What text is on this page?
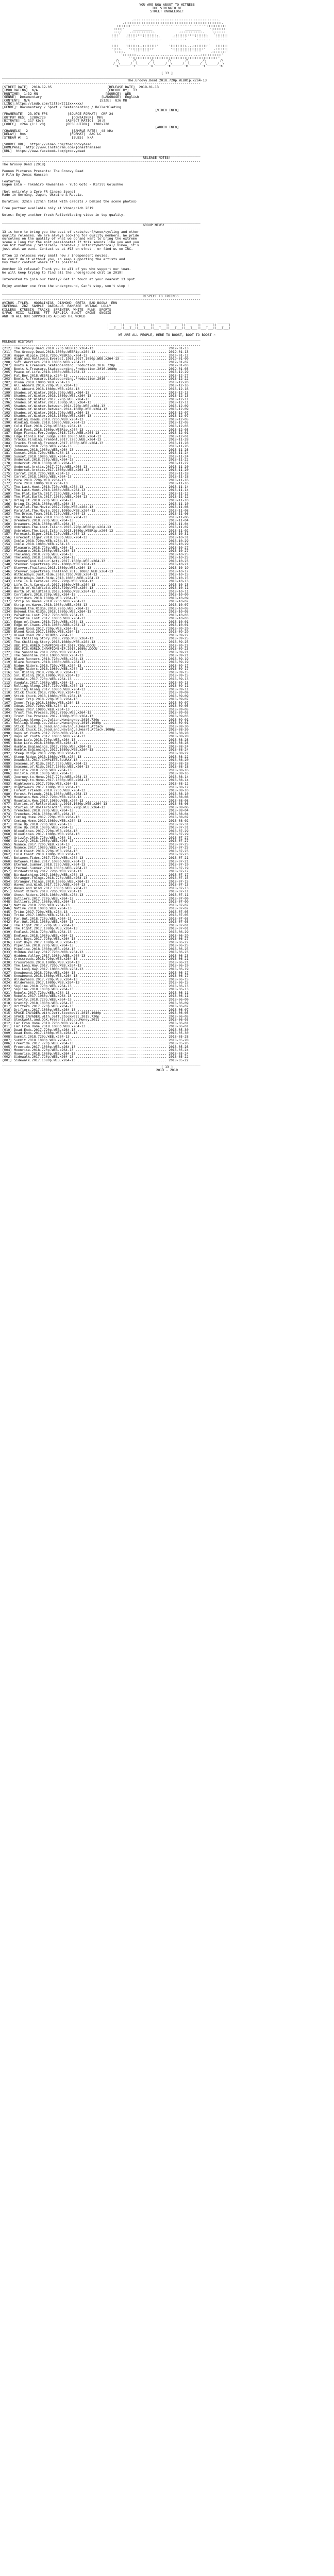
YOU ARE NOW ABOUT TO WITNESS
THE STRENGTH OF
STREET KNOWLEDGE!

.:::::::::::::::::::::::::::::::::::::::::::::::::.
.::::::::::::::::::::::::::::::::::::::::::::::::::::::::.
::::::::'''''''''''''''''''''''''''''''''''''''''''':::::::::::
:::::'     ___________                   _________     ':::::::::
::::'    .:::::::::::::.             .:::::::::::::.    '::::::::
::::'    :::::::::::::::::.         .::::::::::::::::::.   ':::::::
::::    ::::::'   ':::::::::       ::::::::'    ':::::::    :::::::
::::    :::::'      :::::::::     ::::::::'      ':::::::   :::::::
::::    :::::.      ::::::::     ::::::::.       .:::::::   :::::::
::::    ':::::::..::::::::'      ':::::::::....::::::::'    :::::::
'::::.    ':::::::::::::'         '::::::::::::::::::'     .:::::::
':::::.     '''''''''              ''''''''''''''''     .::::::::'
'::::::::.....................................::::::::::::'
'':::::::::::::::::::::::::::::::::::::::::::::::::''
/\        /\        /\        /\        /\        /\        /\
/__\______/__\______/__\______/__\______/__\______/__\______/__\
S         T         R         E         E         T         K

[ 13 ]
____________________________________________________________________________________________________

The.Groovy.Dead.2018.720p.WEBRip.x264-13
----------------------------------------------------------------------------------------------------
[STREET DATE] 2018-12-05	[RELEASE DATE] 2019-01-13
[IMDB RATING] N/A	[ENCODE BY] 13
[RUNTIME] 1:32 MN	[SOURCE] WEB
[GENRE] Documentary	[LANGUAGE] English
[CONTENT] N/A	[SIZE] 826 MB
[LINK]:https://imdb.com/title/tt13xxxxxx/
[GENRE]: Documentary / Sport / Skateboarding / Rollerblading

[VIDEO_INFO]
[FRAMERATE] 23.976 FPS	[SOURCE FORMAT] CRF 24
[OUTPUT RES] 1280x720	[CONTAINER] MKV
[BITRATE] 1 117 kb/s	[ASPECT RATIO] 16:9
[CODEC] x264 (1:1 v0)	[RESOLUTION] 1280x720

[AUDIO_INFO]
[CHANNELS] 2	[SAMPLE RATE] 48 kHz
[DELAY] 0ms	[FORMAT] AAC LC
[STREAM #] 1	[SUBS] N/A

[SOURCE URL] https://vimeo.com/thegroovydead
[HOMEPAGE] http://www.instagram.com/jonasthanssen
[URL] https://www.facebook.com/groovydead
____________________________________________________________________________________________________
RELEASE NOTES!
----------------------------------------------------------------------------------------------------

The Groovy Dead (2018)

Pennon Pictures Presents: The Groovy Dead
A Film By Jonas Hanssen

Featuring
Eugen Enin - Takahiro Nawashima - Yuto Goto - Kirill Golushko

[Not entirely a Zero FR Cinema Scene]
Made in Germany, Japan, Ukraine & Russia.

Duration: 32min (27min total with credits / behind the scene photos)

Free partner available only at Vimeo/rich 2019

Notes: Enjoy another fresh Rollerblading video in top quality.

____________________________________________________________________________________________________
GROUP NEWS!
----------------------------------------------------------------------------------------------------

13 is here to bring you the best of skate/surf/snow/cycling and other
quality releases. We are always looking for quality members. We pride
ourselves on the quality of what we do and want to bring the extreme
scene a long for the most passionate! If this sounds like you and you
can hit Youtube / SkinTrain/ Pinkbike / Infinitymetrical/ Vimeo, it's
just what we want. Contact us at #13 on efnet - or find us on IRC.

Often 13 releases very small new / independent movies.
We can't do it without you, so keep supporting the artists and
buy their content where it is possible.

Another 13 release? Thank you to all of you who support our team.
We will keep trying to find all the underground chit in 2019!

Interested to join our family? Get in touch at your nearest 13 spot.

Enjoy another one from the underground, Can't stop, won't stop !

____________________________________________________________________________________________________
RESPECT TO FRIENDS
----------------------------------------------------------------------------------------------------

#VIRUS -TYLER-  HOOBLINIGS  DIAMOND  GRETA  BAD BOONA  ERN
INFERNAL  ZBZ  SAMPLE  DAEDALUS  RAMPAGE  WUTANG  LOLLY
KILLERS  KTRESIN  TRACKS  SPRINTER  WHITE  PUNK  SPORTS
Q/FAK  MIXX  ALIENS  FTT  REPLICA  BUNDT  CRONE  GNOSIS
AND TO ALL OUR SUPPORTERS AROUND THE WORLD

_______  ______  _______  _______  _______  _______  _______  _______
|   _   ||   _  ||   _   ||   _   ||   _   ||   _   ||   _   ||   _   |
|___|___||___|__||___|___||___|___||___|___||___|___||___|___||___|___|

WE ARE ALL PEOPLE, HERE TO BOOST, BOOT TO BOOST ~
____________________________________________________________________________________________________
RELEASE HISTORY!
----------------------------------------------------------------------------------------------------

(212) The.Groovy.Dead.2018.720p.WEBRip.x264-13 .................................... 2019-01-13
(211) The.Groovy.Dead.2018.1080p.WEBRip.x264-13 ................................... 2019-01-13
(210) Happy.Hippie.2018.720p.WEBRip.x264-13 ....................................... 2019-01-12
(209) High.and.Hollowed.Everest.1963.2017.1080p.WEB.x264-13 ....................... 2019-01-09
(208) Sufi.Warriors.2018.1080p.WEB.x264-13 ........................................ 2019-01-07
(207) Boots.A.Treasure.Skateboarding.Production.2016.720p ......................... 2019-01-03
(206) Boots.A.Treasure.Skateboarding.Production.2016.1080p ........................ 2019-01-03
(205) Peace.of.Life.2018.1080p.WEB.x264-13 ........................................ 2018-12-29
(204) Fat.Boy.2018.WEBRip.x264-13 ................................................. 2018-12-27
(203) Boots.A.Treasure.Skateboarding.Production.2016 .............................. 2018-12-22
(202) Kiona.2018.1080p.WEB.x264-13 ................................................ 2018-12-20
(201) All.Aboard.2018.720p.WEB.x264-13 ............................................ 2018-12-16
(200) All.Aboard.2018.1080p.WEB.x264-13 ........................................... 2018-12-16
(199) Shades.of.Winter.2016.720p.WEB.x264-13 ...................................... 2018-12-13
(198) Shades.of.Winter.2016.1080p.WEB.x264-13 ..................................... 2018-12-13
(197) Shades.of.Winter.2017.720p.WEB.x264-13 ...................................... 2018-12-11
(196) Shades.of.Winter.2017.1080p.WEB.x264-13 ..................................... 2018-12-11
(195) Shades.of.Winter.Between.2014.720p.WEB.x264-13 .............................. 2018-12-09
(194) Shades.of.Winter.Between.2014.1080p.WEB.x264-13 ............................. 2018-12-09
(193) Shades.of.Winter.2018.720p.WEB.x264-13 ...................................... 2018-12-07
(192) Shades.of.Winter.2018.1080p.WEB.x264-13 ..................................... 2018-12-07
(191) Winding.Roads.2018.720p.WEB.x264-13 ......................................... 2018-12-05
(190) Winding.Roads.2018.1080p.WEB.x264-13 ........................................ 2018-12-05
(189) Cold.Feet.2018.720p.WEBRip.x264-13 .......................................... 2018-12-03
(188) Cold.Feet.2018.1080p.WEBRip.x264-13 ......................................... 2018-12-03
(187) Edge.Fionis.For.Judge.2018.720p.WEB.x264-13 ................................. 2018-12-01
(186) Edge.Fionis.For.Judge.2018.1080p.WEB.x264-13 ................................ 2018-12-01
(185) Tracks.Finding.Fremont.2017.720p.WEB.x264-13 ................................ 2018-11-28
(184) Tracks.Finding.Fremont.2017.1080p.WEB.x264-13 ............................... 2018-11-28
(183) Johnson.2018.720p.WEB.x264-13 ............................................... 2018-11-26
(182) Johnson.2018.1080p.WEB.x264-13 .............................................. 2018-11-26
(181) Sunset.2018.720p.WEB.x264-13 ................................................ 2018-11-24
(180) Sunset.2018.1080p.WEB.x264-13 ............................................... 2018-11-24
(179) Undercut.2018.720p.WEB.x264-13 .............................................. 2018-11-22
(178) Undercut.2018.1080p.WEB.x264-13 ............................................. 2018-11-22
(177) Undercut.Arctic.2017.720p.WEB.x264-13 ....................................... 2018-11-20
(176) Undercut.Arctic.2017.1080p.WEB.x264-13 ...................................... 2018-11-20
(175) Carrot.2018.720p.WEB.x264-13 ................................................ 2018-11-18
(174) Carrot.2018.1080p.WEB.x264-13 ............................................... 2018-11-18
(173) Pure.2018.720p.WEB.x264-13 .................................................. 2018-11-16
(172) Pure.2018.1080p.WEB.x264-13 ................................................. 2018-11-16
(171) The.Last.Hunt.2018.720p.WEB.x264-13 ......................................... 2018-11-14
(170) The.Last.Hunt.2018.1080p.WEB.x264-13 ........................................ 2018-11-14
(169) The.Flat.Earth.2017.720p.WEB.x264-13 ........................................ 2018-11-12
(168) The.Flat.Earth.2017.1080p.WEB.x264-13 ....................................... 2018-11-12
(167) Bring.It.2018.720p.WEB.x264-13 .............................................. 2018-11-10
(166) Bring.It.2018.1080p.WEB.x264-13 ............................................. 2018-11-10
(165) Parallel.The.Movie.2017.720p.WEB.x264-13 .................................... 2018-11-08
(164) Parallel.The.Movie.2017.1080p.WEB.x264-13 ................................... 2018-11-08
(163) The.Dream.Team.2018.720p.WEB.x264-13 ........................................ 2018-11-06
(162) The.Dream.Team.2018.1080p.WEB.x264-13 ....................................... 2018-11-06
(161) Dreamers.2018.720p.WEB.x264-13 .............................................. 2018-11-04
(160) Dreamers.2018.1080p.WEB.x264-13 ............................................. 2018-11-04
(159) Unbroken.The.Lost.Island.2015.720p.WEBRip.x264-13 ........................... 2018-11-02
(158) Unbroken.The.Lost.Island.2015.1080p.WEBRip.x264-13 .......................... 2018-11-02
(157) Forecast.Eiger.2018.720p.WEB.x264-13 ........................................ 2018-10-31
(156) Forecast.Eiger.2018.1080p.WEB.x264-13 ....................................... 2018-10-31
(155) Inkle.2018.720p.WEB.x264-13 ................................................. 2018-10-29
(154) Inkle.2018.1080p.WEB.x264-13 ................................................ 2018-10-29
(153) Pleasure.2018.720p.WEB.x264-13 .............................................. 2018-10-27
(152) Pleasure.2018.1080p.WEB.x264-13 ............................................. 2018-10-27
(151) Thelemag.2018.720p.WEB.x264-13 .............................................. 2018-10-25
(150) Thelemag.2018.1080p.WEB.x264-13 ............................................. 2018-10-25
(149) Stevver.And.Colour.Acts.2017.1080p.WEB.x264-13 .............................. 2018-10-23
(148) Stevver.Supertramp.2017.1080p.WEB.x264-13 ................................... 2018-10-21
(147) Stevver.Thailand.2015.1080p.WEB.x264-13 ..................................... 2018-10-19
(146) Stevver.Supertramp.Thailand.2015.1080p.WEB.x264-13 .......................... 2018-10-17
(145) Withindays.Just.Ride.2018.720p.WEB.x264-13 .................................. 2018-10-15
(144) Withindays.Just.Ride.2018.1080p.WEB.x264-13 ................................. 2018-10-15
(143) Life.Is.A.Carnival.2017.720p.WEB.x264-13 .................................... 2018-10-13
(142) Life.Is.A.Carnival.2017.1080p.WEB.x264-13 ................................... 2018-10-13
(141) Worth.of.Wildfield.2018.720p.WEB.x264-13 .................................... 2018-10-11
(140) Worth.of.Wildfield.2018.1080p.WEB.x264-13 ................................... 2018-10-11
(139) Corridors.2018.720p.WEB.x264-13 ............................................. 2018-10-09
(138) Corridors.2018.1080p.WEB.x264-13 ............................................ 2018-10-09
(137) Strip.on.Waves.2018.720p.WEB.x264-13 ........................................ 2018-10-07
(136) Strip.on.Waves.2018.1080p.WEB.x264-13 ....................................... 2018-10-07
(135) Beyond.the.Ridge.2018.720p.WEB.x264-13 ...................................... 2018-10-05
(134) Beyond.the.Ridge.2018.1080p.WEB.x264-13 ..................................... 2018-10-05
(133) Paradise.Lost.2017.720p.WEB.x264-13 ......................................... 2018-10-03
(132) Paradise.Lost.2017.1080p.WEB.x264-13 ........................................ 2018-10-03
(131) Edge.of.Chaos.2018.720p.WEB.x264-13 ......................................... 2018-10-01
(130) Edge.of.Chaos.2018.1080p.WEB.x264-13 ........................................ 2018-10-01
(129) Blood.Road.2017.720p.WEB.x264-13 ............................................ 2018-09-29
(128) Blood.Road.2017.1080p.WEB.x264-13 ........................................... 2018-09-29
(127) Blood.Road.2017.WEBRip.x264-13 .............................................. 2018-09-27
(126) The.Chilling.Story.2018.720p.WEB.x264-13 .................................... 2018-09-25
(125) The.Chilling.Story.2018.1080p.WEB.x264-13 ................................... 2018-09-25
(124) UBC.FIS.WORLD.CHAMPIONSHIP.2017.720p.DOCU ................................... 2018-09-23
(123) UBC.FIS.WORLD.CHAMPIONSHIP.2017.1080p.DOCU .................................. 2018-09-23
(122) The.Sunshine.2018.720p.WEB.x264-13 .......................................... 2018-09-21
(121) The.Sunshine.2018.1080p.WEB.x264-13 ......................................... 2018-09-21
(120) Blaze.Runners.2018.720p.WEB.x264-13 ......................................... 2018-09-19
(119) Blaze.Runners.2018.1080p.WEB.x264-13 ........................................ 2018-09-19
(118) Ridge.Riders.2018.720p.WEB.x264-13 .......................................... 2018-09-17
(117) Ridge.Riders.2018.1080p.WEB.x264-13 ......................................... 2018-09-17
(116) Sol.Rising.2018.720p.WEB.x264-13 ............................................ 2018-09-15
(115) Sol.Rising.2018.1080p.WEB.x264-13 ........................................... 2018-09-15
(114) Vandals.2017.720p.WEB.x264-13 ............................................... 2018-09-13
(113) Vandals.2017.1080p.WEB.x264-13 .............................................. 2018-09-13
(112) Rolling.Along.2017.720p.WEB.x264-13 ......................................... 2018-09-11
(111) Rolling.Along.2017.1080p.WEB.x264-13 ........................................ 2018-09-11
(110) Stick.Chuck.2018.720p.WEB.x264-13 ........................................... 2018-09-09
(109) Stick.Chuck.2018.1080p.WEB.x264-13 .......................................... 2018-09-09
(108) Inner.Trip.2018.720p.WEB.x264-13 ............................................ 2018-09-07
(107) Inner.Trip.2018.1080p.WEB.x264-13 ........................................... 2018-09-07
(106) Ideas.2017.720p.WEB.x264-13 ................................................. 2018-09-05
(105) Ideas.2017.1080p.WEB.x264-13 ................................................ 2018-09-05
(104) Trust.The.Process.2017.720p.WEB.x264-13 ..................................... 2018-09-03
(103) Trust.The.Process.2017.1080p.WEB.x264-13 .................................... 2018-09-03
(102) Rolling.Along.Jo.Julian.Hemingway.2016.720p ................................. 2018-09-01
(101) Rolling.Along.Jo.Julian.Hemingway.2016.1080p ................................ 2018-09-01
(100) Stick.Chuck.Is.Dead.and.Having.a.Heart.Attack ............................... 2018-08-30
(099) Stick.Chuck.Is.Dead.and.Having.a.Heart.Attack.1080p ......................... 2018-08-30
(098) Days.of.Youth.2017.720p.WEB.x264-13 ......................................... 2018-08-28
(097) Days.of.Youth.2017.1080p.WEB.x264-13 ........................................ 2018-08-28
(096) Bike.Life.2018.720p.WEB.x264-13 ............................................. 2018-08-26
(095) Bike.Life.2018.1080p.WEB.x264-13 ............................................ 2018-08-26
(094) Humble.Beginnings.2017.720p.WEB.x264-13 ..................................... 2018-08-24
(093) Humble.Beginnings.2017.1080p.WEB.x264-13 .................................... 2018-08-24
(092) Steep.Ridge.2018.720p.WEB.x264-13 ........................................... 2018-08-22
(091) Steep.Ridge.2018.1080p.WEB.x264-13 .......................................... 2018-08-22
(090) Downhill.2017.COMPLETE.BLURAY-13 ............................................ 2018-08-20
(089) Seasons.of.Ride.2017.720p.WEB.x264-13 ....................................... 2018-08-18
(088) Seasons.of.Ride.2017.1080p.WEB.x264-13 ...................................... 2018-08-18
(087) Bolivia.2018.720p.WEB.x264-13 ............................................... 2018-08-16
(086) Bolivia.2018.1080p.WEB.x264-13 .............................................. 2018-08-16
(085) Journey.to.Home.2017.720p.WEB.x264-13 ....................................... 2018-08-14
(084) Journey.to.Home.2017.1080p.WEB.x264-13 ...................................... 2018-08-14
(083) Hightowers.2017.720p.WEB.x264-13 ............................................ 2018-08-12
(082) Hightowers.2017.1080p.WEB.x264-13 ........................................... 2018-08-12
(081) Forest.Friends.2018.720p.WEB.x264-13 ........................................ 2018-08-10
(080) Forest.Friends.2018.1080p.WEB.x264-13 ....................................... 2018-08-10
(079) Mountain.Men.2017.720p.WEB.x264-13 .......................................... 2018-08-08
(078) Mountain.Men.2017.1080p.WEB.x264-13 ......................................... 2018-08-08
(077) Stories.of.Rollerblading.2016.1080p.WEB.x264-13 ............................. 2018-08-06
(076) Stories.of.Rollerblading.2016.720p.WEB.x264-13 .............................. 2018-08-06
(075) Trenches.2018.720p.WEB.x264-13 .............................................. 2018-08-04
(074) Trenches.2018.1080p.WEB.x264-13 ............................................. 2018-08-04
(073) Coming.Home.2017.720p.WEB.x264-13 ........................................... 2018-08-02
(072) Coming.Home.2017.1080p.WEB.x264-13 .......................................... 2018-08-02
(071) Rise.Up.2018.720p.WEB.x264-13 ............................................... 2018-07-31
(070) Rise.Up.2018.1080p.WEB.x264-13 .............................................. 2018-07-31
(069) Bloodlines.2017.720p.WEB.x264-13 ............................................ 2018-07-29
(068) Bloodlines.2017.1080p.WEB.x264-13 ........................................... 2018-07-29
(067) Grizzly.2018.720p.WEB.x264-13 ............................................... 2018-07-27
(066) Grizzly.2018.1080p.WEB.x264-13 .............................................. 2018-07-27
(065) Nuance.2017.720p.WEB.x264-13 ................................................ 2018-07-25
(064) Nuance.2017.1080p.WEB.x264-13 ............................................... 2018-07-25
(063) Cold.Coast.2018.720p.WEB.x264-13 ............................................ 2018-07-23
(062) Cold.Coast.2018.1080p.WEB.x264-13 ........................................... 2018-07-23
(061) Between.Tides.2017.720p.WEB.x264-13 ......................................... 2018-07-21
(060) Between.Tides.2017.1080p.WEB.x264-13 ........................................ 2018-07-21
(059) Eternal.Summer.2018.720p.WEB.x264-13 ........................................ 2018-07-19
(058) Eternal.Summer.2018.1080p.WEB.x264-13 ....................................... 2018-07-19
(057) Birdwatching.2017.720p.WEB.x264-13 .......................................... 2018-07-17
(056) Birdwatching.2017.1080p.WEB.x264-13 ......................................... 2018-07-17
(055) Stranger.Things.2018.720p.WEB.x264-13 ....................................... 2018-07-15
(054) Stranger.Things.2018.1080p.WEB.x264-13 ...................................... 2018-07-15
(053) Waves.and.Wind.2017.720p.WEB.x264-13 ........................................ 2018-07-13
(052) Waves.and.Wind.2017.1080p.WEB.x264-13 ....................................... 2018-07-13
(051) Ghost.Riders.2018.720p.WEB.x264-13 .......................................... 2018-07-11
(050) Ghost.Riders.2018.1080p.WEB.x264-13 ......................................... 2018-07-11
(049) Outliers.2017.720p.WEB.x264-13 .............................................. 2018-07-09
(048) Outliers.2017.1080p.WEB.x264-13 ............................................. 2018-07-09
(047) Native.2018.720p.WEB.x264-13 ................................................ 2018-07-07
(046) Native.2018.1080p.WEB.x264-13 ............................................... 2018-07-07
(045) Tribe.2017.720p.WEB.x264-13 ................................................. 2018-07-05
(044) Tribe.2017.1080p.WEB.x264-13 ................................................ 2018-07-05
(043) Far.Out.2018.720p.WEB.x264-13 ............................................... 2018-07-03
(042) Far.Out.2018.1080p.WEB.x264-13 .............................................. 2018-07-03
(041) The.Fight.2017.720p.WEB.x264-13 ............................................. 2018-07-01
(040) The.Fight.2017.1080p.WEB.x264-13 ............................................ 2018-07-01
(039) Endless.2018.720p.WEB.x264-13 ............................................... 2018-06-29
(038) Endless.2018.1080p.WEB.x264-13 .............................................. 2018-06-29
(037) Lost.Boys.2017.720p.WEB.x264-13 ............................................. 2018-06-27
(036) Lost.Boys.2017.1080p.WEB.x264-13 ............................................ 2018-06-27
(035) Pipeline.2018.720p.WEB.x264-13 .............................................. 2018-06-25
(034) Pipeline.2018.1080p.WEB.x264-13 ............................................. 2018-06-25
(033) Hidden.Valley.2017.720p.WEB.x264-13 ......................................... 2018-06-23
(032) Hidden.Valley.2017.1080p.WEB.x264-13 ........................................ 2018-06-23
(031) Crossroads.2018.720p.WEB.x264-13 ............................................ 2018-06-21
(030) Crossroads.2018.1080p.WEB.x264-13 ........................................... 2018-06-21
(029) The.Long.Way.2017.720p.WEB.x264-13 .......................................... 2018-06-19
(028) The.Long.Way.2017.1080p.WEB.x264-13 ......................................... 2018-06-19
(027) Snowbound.2018.720p.WEB.x264-13 ............................................. 2018-06-17
(026) Snowbound.2018.1080p.WEB.x264-13 ............................................ 2018-06-17
(025) Wilderness.2017.720p.WEB.x264-13 ............................................ 2018-06-15
(024) Wilderness.2017.1080p.WEB.x264-13 ........................................... 2018-06-15
(023) Skyline.2018.720p.WEB.x264-13 ............................................... 2018-06-13
(022) Skyline.2018.1080p.WEB.x264-13 .............................................. 2018-06-13
(021) Rebels.2017.720p.WEB.x264-13 ................................................ 2018-06-11
(020) Rebels.2017.1080p.WEB.x264-13 ............................................... 2018-06-11
(019) Gravity.2018.720p.WEB.x264-13 ............................................... 2018-06-09
(018) Gravity.2018.1080p.WEB.x264-13 .............................................. 2018-06-09
(017) Drifters.2017.720p.WEB.x264-13 .............................................. 2018-06-07
(016) Drifters.2017.1080p.WEB.x264-13 ............................................. 2018-06-07
(015) SPACE.INVADER.with.Jeff.Stockwell.2015.1080p ................................ 2018-06-05
(014) SPACE.INVADER.with.Jeff.Stockwell.2015.720p ................................. 2018-06-05
(013) Stockwell.and.DGK.Presents.Blood.Money.2011 ................................. 2018-06-03
(012) Far.From.Home.2018.720p.WEB.x264-13 ......................................... 2018-06-01
(011) Far.From.Home.2018.1080p.WEB.x264-13 ........................................ 2018-06-01
(010) Dead.Ends.2017.720p.WEB.x264-13 ............................................. 2018-05-30
(009) Dead.Ends.2017.1080p.WEB.x264-13 ............................................ 2018-05-30
(008) Summit.2018.720p.WEB.x264-13 ................................................ 2018-05-28
(007) Summit.2018.1080p.WEB.x264-13 ............................................... 2018-05-28
(006) Freeride.2017.720p.WEB.x264-13 .............................................. 2018-05-26
(005) Freeride.2017.1080p.WEB.x264-13 ............................................. 2018-05-26
(004) Moonrise.2018.720p.WEB.x264-13 .............................................. 2018-05-24
(003) Moonrise.2018.1080p.WEB.x264-13 ............................................. 2018-05-24
(002) Sidewalk.2017.720p.WEB.x264-13 .............................................. 2018-05-22
(001) Sidewalk.2017.1080p.WEB.x264-13 ............................................. 2018-05-22
____________________________________________________________________________________________________

[ 13 ]
2013 - 2019
